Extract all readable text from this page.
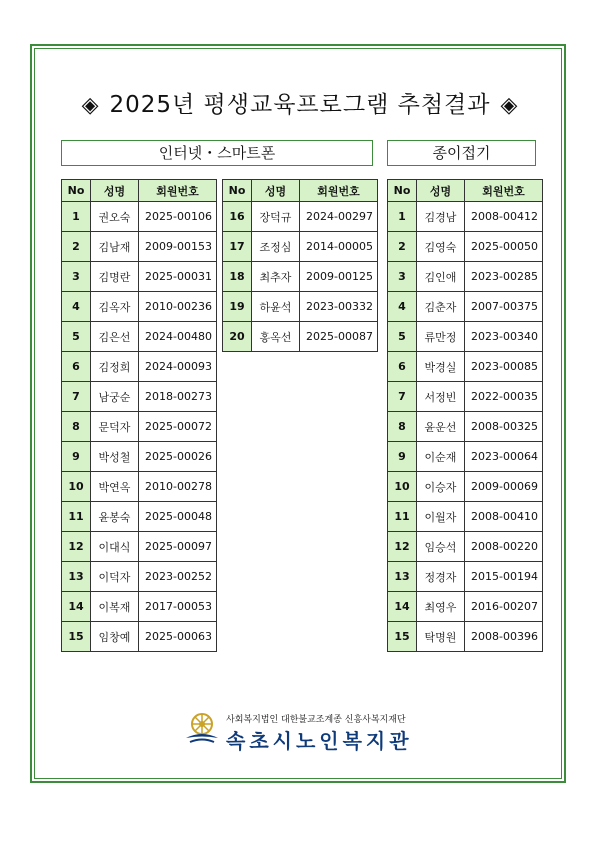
◈ 2025년 평생교육프로그램 추첨결과 ◈
인터넷・스마트폰	종이접기
No	성명	회원번호
1	권오숙	2025-00106
2	김남재	2009-00153
3	김명란	2025-00031
4	김옥자	2010-00236
5	김은선	2024-00480
6	김정희	2024-00093
7	남궁순	2018-00273
8	문덕자	2025-00072
9	박성철	2025-00026
10	박연옥	2010-00278
11	윤봉숙	2025-00048
12	이대식	2025-00097
13	이덕자	2023-00252
14	이복재	2017-00053
15	임창예	2025-00063
No	성명	회원번호
16	장덕규	2024-00297
17	조정심	2014-00005
18	최추자	2009-00125
19	하윤석	2023-00332
20	홍옥선	2025-00087
No	성명	회원번호
1	김경남	2008-00412
2	김영숙	2025-00050
3	김인애	2023-00285
4	김춘자	2007-00375
5	류만정	2023-00340
6	박경실	2023-00085
7	서정빈	2022-00035
8	윤운선	2008-00325
9	이순재	2023-00064
10	이승자	2009-00069
11	이월자	2008-00410
12	임승석	2008-00220
13	정경자	2015-00194
14	최영우	2016-00207
15	탁명원	2008-00396
사회복지법인 대한불교조계종 신흥사복지재단
속초시노인복지관
